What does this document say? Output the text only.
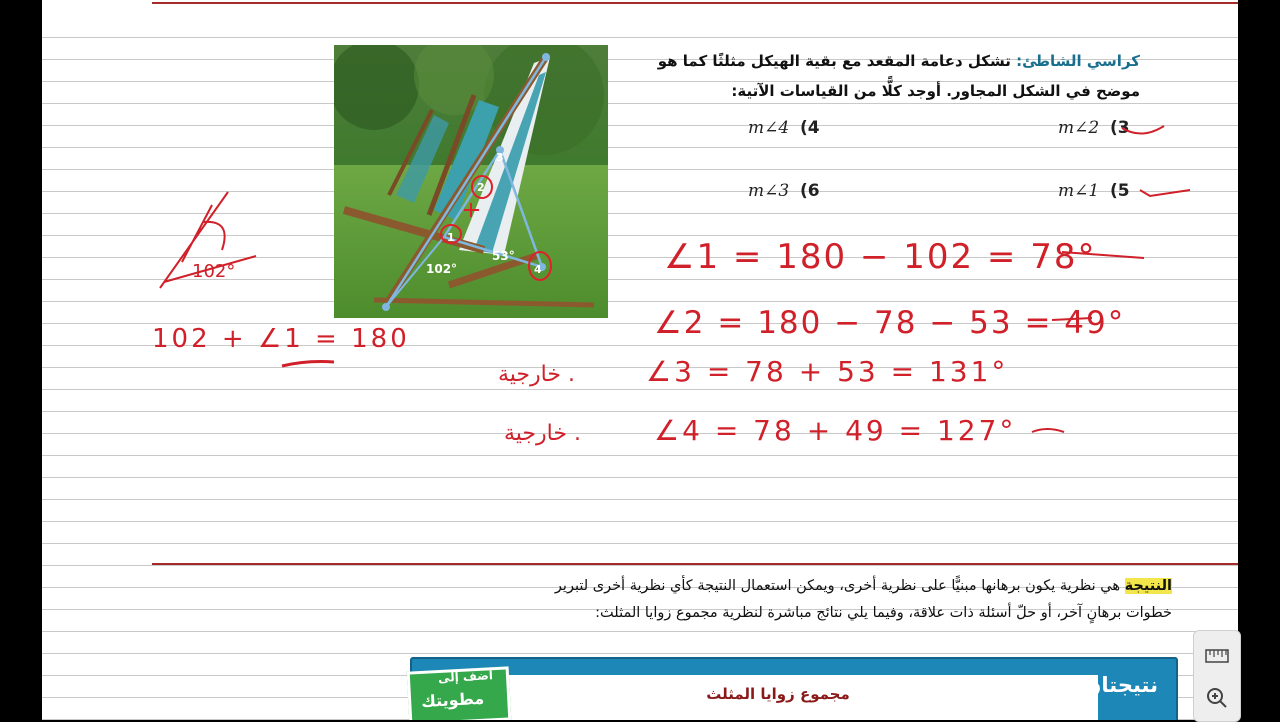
102°
53°
1
2
3
4
كراسي الشاطئ: تشكل دعامة المقعد مع بقية الهيكل مثلثًا كما هو
موضح في الشكل المجاور. أوجد كلًّا من القياسات الآتية:
m∠2 (3
m∠4 (4
m∠1 (5
m∠3 (6
102°
102 + ∠1 = 180
∠1 = 180 − 102 = 78°
∠2 = 180 − 78 − 53 = 49°
∠3 = 78 + 53 = 131°
خارجية .
∠4 = 78 + 49 = 127°
خارجية .
النتيجة هي نظرية يكون برهانها مبنيًّا على نظرية أخرى، ويمكن استعمال النتيجة كأي نظرية أخرى لتبرير
خطوات برهانٍ آخر، أو حلّ أسئلة ذات علاقة، وفيما يلي نتائج مباشرة لنظرية مجموع زوايا المثلث:
مجموع زوايا المثلث	نتيجتان
أضف إلى
مطويتك
